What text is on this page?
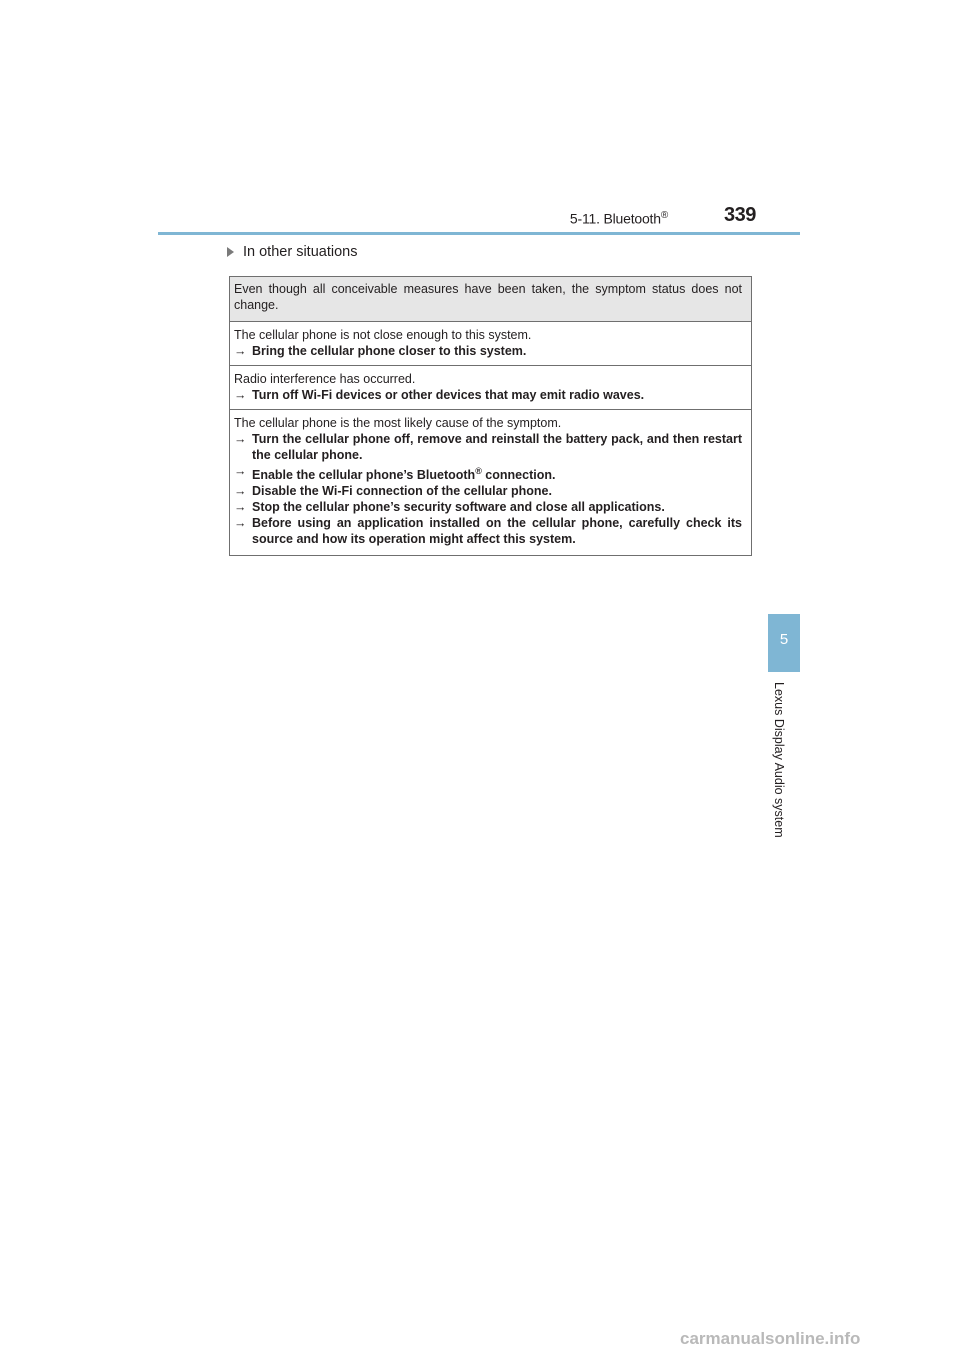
5-11. Bluetooth®	339
In other situations
Even though all conceivable measures have been taken, the symptom status does not change.
The cellular phone is not close enough to this system.
→ Bring the cellular phone closer to this system.
Radio interference has occurred.
→ Turn off Wi-Fi devices or other devices that may emit radio waves.
The cellular phone is the most likely cause of the symptom.
→ Turn the cellular phone off, remove and reinstall the battery pack, and then restart the cellular phone.
→ Enable the cellular phone’s Bluetooth® connection.
→ Disable the Wi-Fi connection of the cellular phone.
→ Stop the cellular phone’s security software and close all applications.
→ Before using an application installed on the cellular phone, carefully check its source and how its operation might affect this system.
5
Lexus Display Audio system
carmanualsonline.info
